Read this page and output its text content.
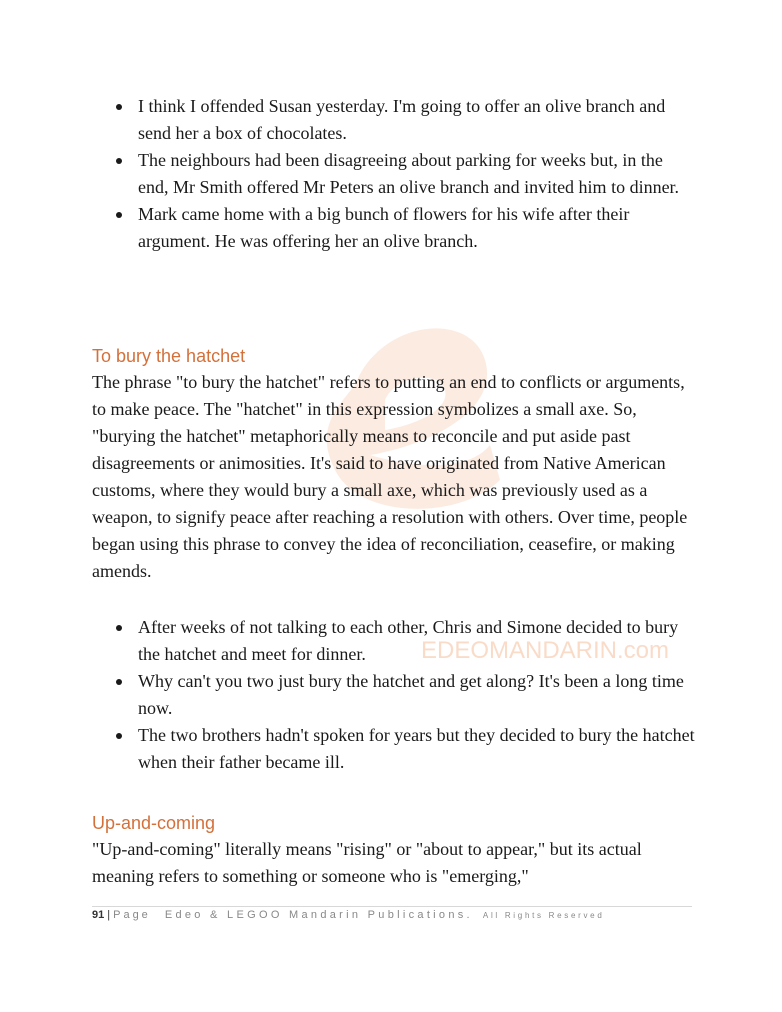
EDEOMANDARIN.com
I think I offended Susan yesterday. I'm going to offer an olive branch and send her a box of chocolates.
The neighbours had been disagreeing about parking for weeks but, in the end, Mr Smith offered Mr Peters an olive branch and invited him to dinner.
Mark came home with a big bunch of flowers for his wife after their argument. He was offering her an olive branch.
To bury the hatchet

The phrase "to bury the hatchet" refers to putting an end to conflicts or arguments, to make peace. The "hatchet" in this expression symbolizes a small axe. So, "burying the hatchet" metaphorically means to reconcile and put aside past disagreements or animosities. It's said to have originated from Native American customs, where they would bury a small axe, which was previously used as a weapon, to signify peace after reaching a resolution with others. Over time, people began using this phrase to convey the idea of reconciliation, ceasefire, or making amends.

After weeks of not talking to each other, Chris and Simone decided to bury the hatchet and meet for dinner.
Why can't you two just bury the hatchet and get along? It's been a long time now.
The two brothers hadn't spoken for years but they decided to bury the hatchet when their father became ill.
Up-and-coming

"Up-and-coming" literally means "rising" or "about to appear," but its actual meaning refers to something or someone who is "emerging,"

91 | Page Edeo & LEGOO Mandarin Publications. All Rights Reserved
